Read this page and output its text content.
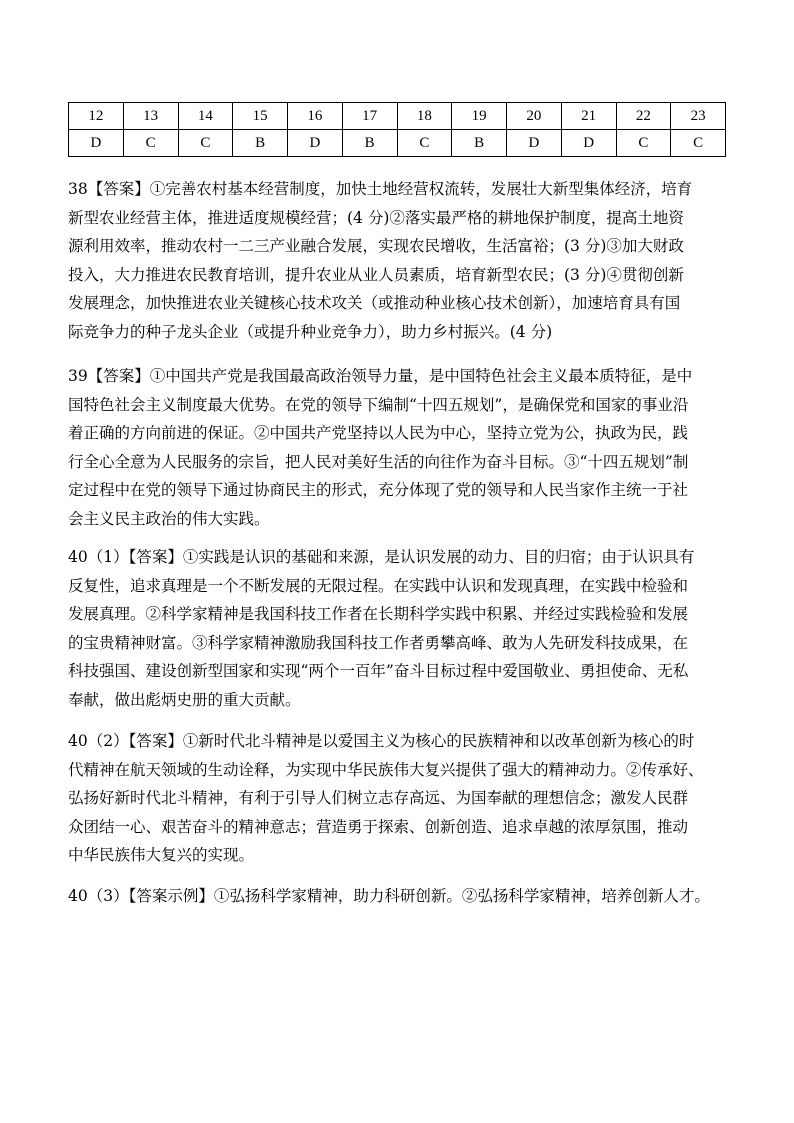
12	13	14	15	16	17	18	19	20	21	22	23
D	C	C	B	D	B	C	B	D	D	C	C
38【答案】①完善农村基本经营制度，加快土地经营权流转，发展壮大新型集体经济，培育
新型农业经营主体，推进适度规模经营；(4 分)②落实最严格的耕地保护制度，提高土地资
源利用效率，推动农村一二三产业融合发展，实现农民增收，生活富裕；(3 分)③加大财政
投入，大力推进农民教育培训，提升农业从业人员素质，培育新型农民；(3 分)④贯彻创新
发展理念，加快推进农业关键核心技术攻关（或推动种业核心技术创新），加速培育具有国
际竞争力的种子龙头企业（或提升种业竞争力），助力乡村振兴。(4 分)
39【答案】①中国共产党是我国最高政治领导力量，是中国特色社会主义最本质特征，是中
国特色社会主义制度最大优势。在党的领导下编制“十四五规划”，是确保党和国家的事业沿
着正确的方向前进的保证。②中国共产党坚持以人民为中心，坚持立党为公，执政为民，践
行全心全意为人民服务的宗旨，把人民对美好生活的向往作为奋斗目标。③“十四五规划”制
定过程中在党的领导下通过协商民主的形式，充分体现了党的领导和人民当家作主统一于社
会主义民主政治的伟大实践。
40（1）【答案】①实践是认识的基础和来源，是认识发展的动力、目的归宿；由于认识具有
反复性，追求真理是一个不断发展的无限过程。在实践中认识和发现真理，在实践中检验和
发展真理。②科学家精神是我国科技工作者在长期科学实践中积累、并经过实践检验和发展
的宝贵精神财富。③科学家精神激励我国科技工作者勇攀高峰、敢为人先研发科技成果，在
科技强国、建设创新型国家和实现“两个一百年”奋斗目标过程中爱国敬业、勇担使命、无私
奉献，做出彪炳史册的重大贡献。
40（2）【答案】①新时代北斗精神是以爱国主义为核心的民族精神和以改革创新为核心的时
代精神在航天领域的生动诠释，为实现中华民族伟大复兴提供了强大的精神动力。②传承好、
弘扬好新时代北斗精神，有利于引导人们树立志存高远、为国奉献的理想信念；激发人民群
众团结一心、艰苦奋斗的精神意志；营造勇于探索、创新创造、追求卓越的浓厚氛围，推动
中华民族伟大复兴的实现。
40（3）【答案示例】①弘扬科学家精神，助力科研创新。②弘扬科学家精神，培养创新人才。
